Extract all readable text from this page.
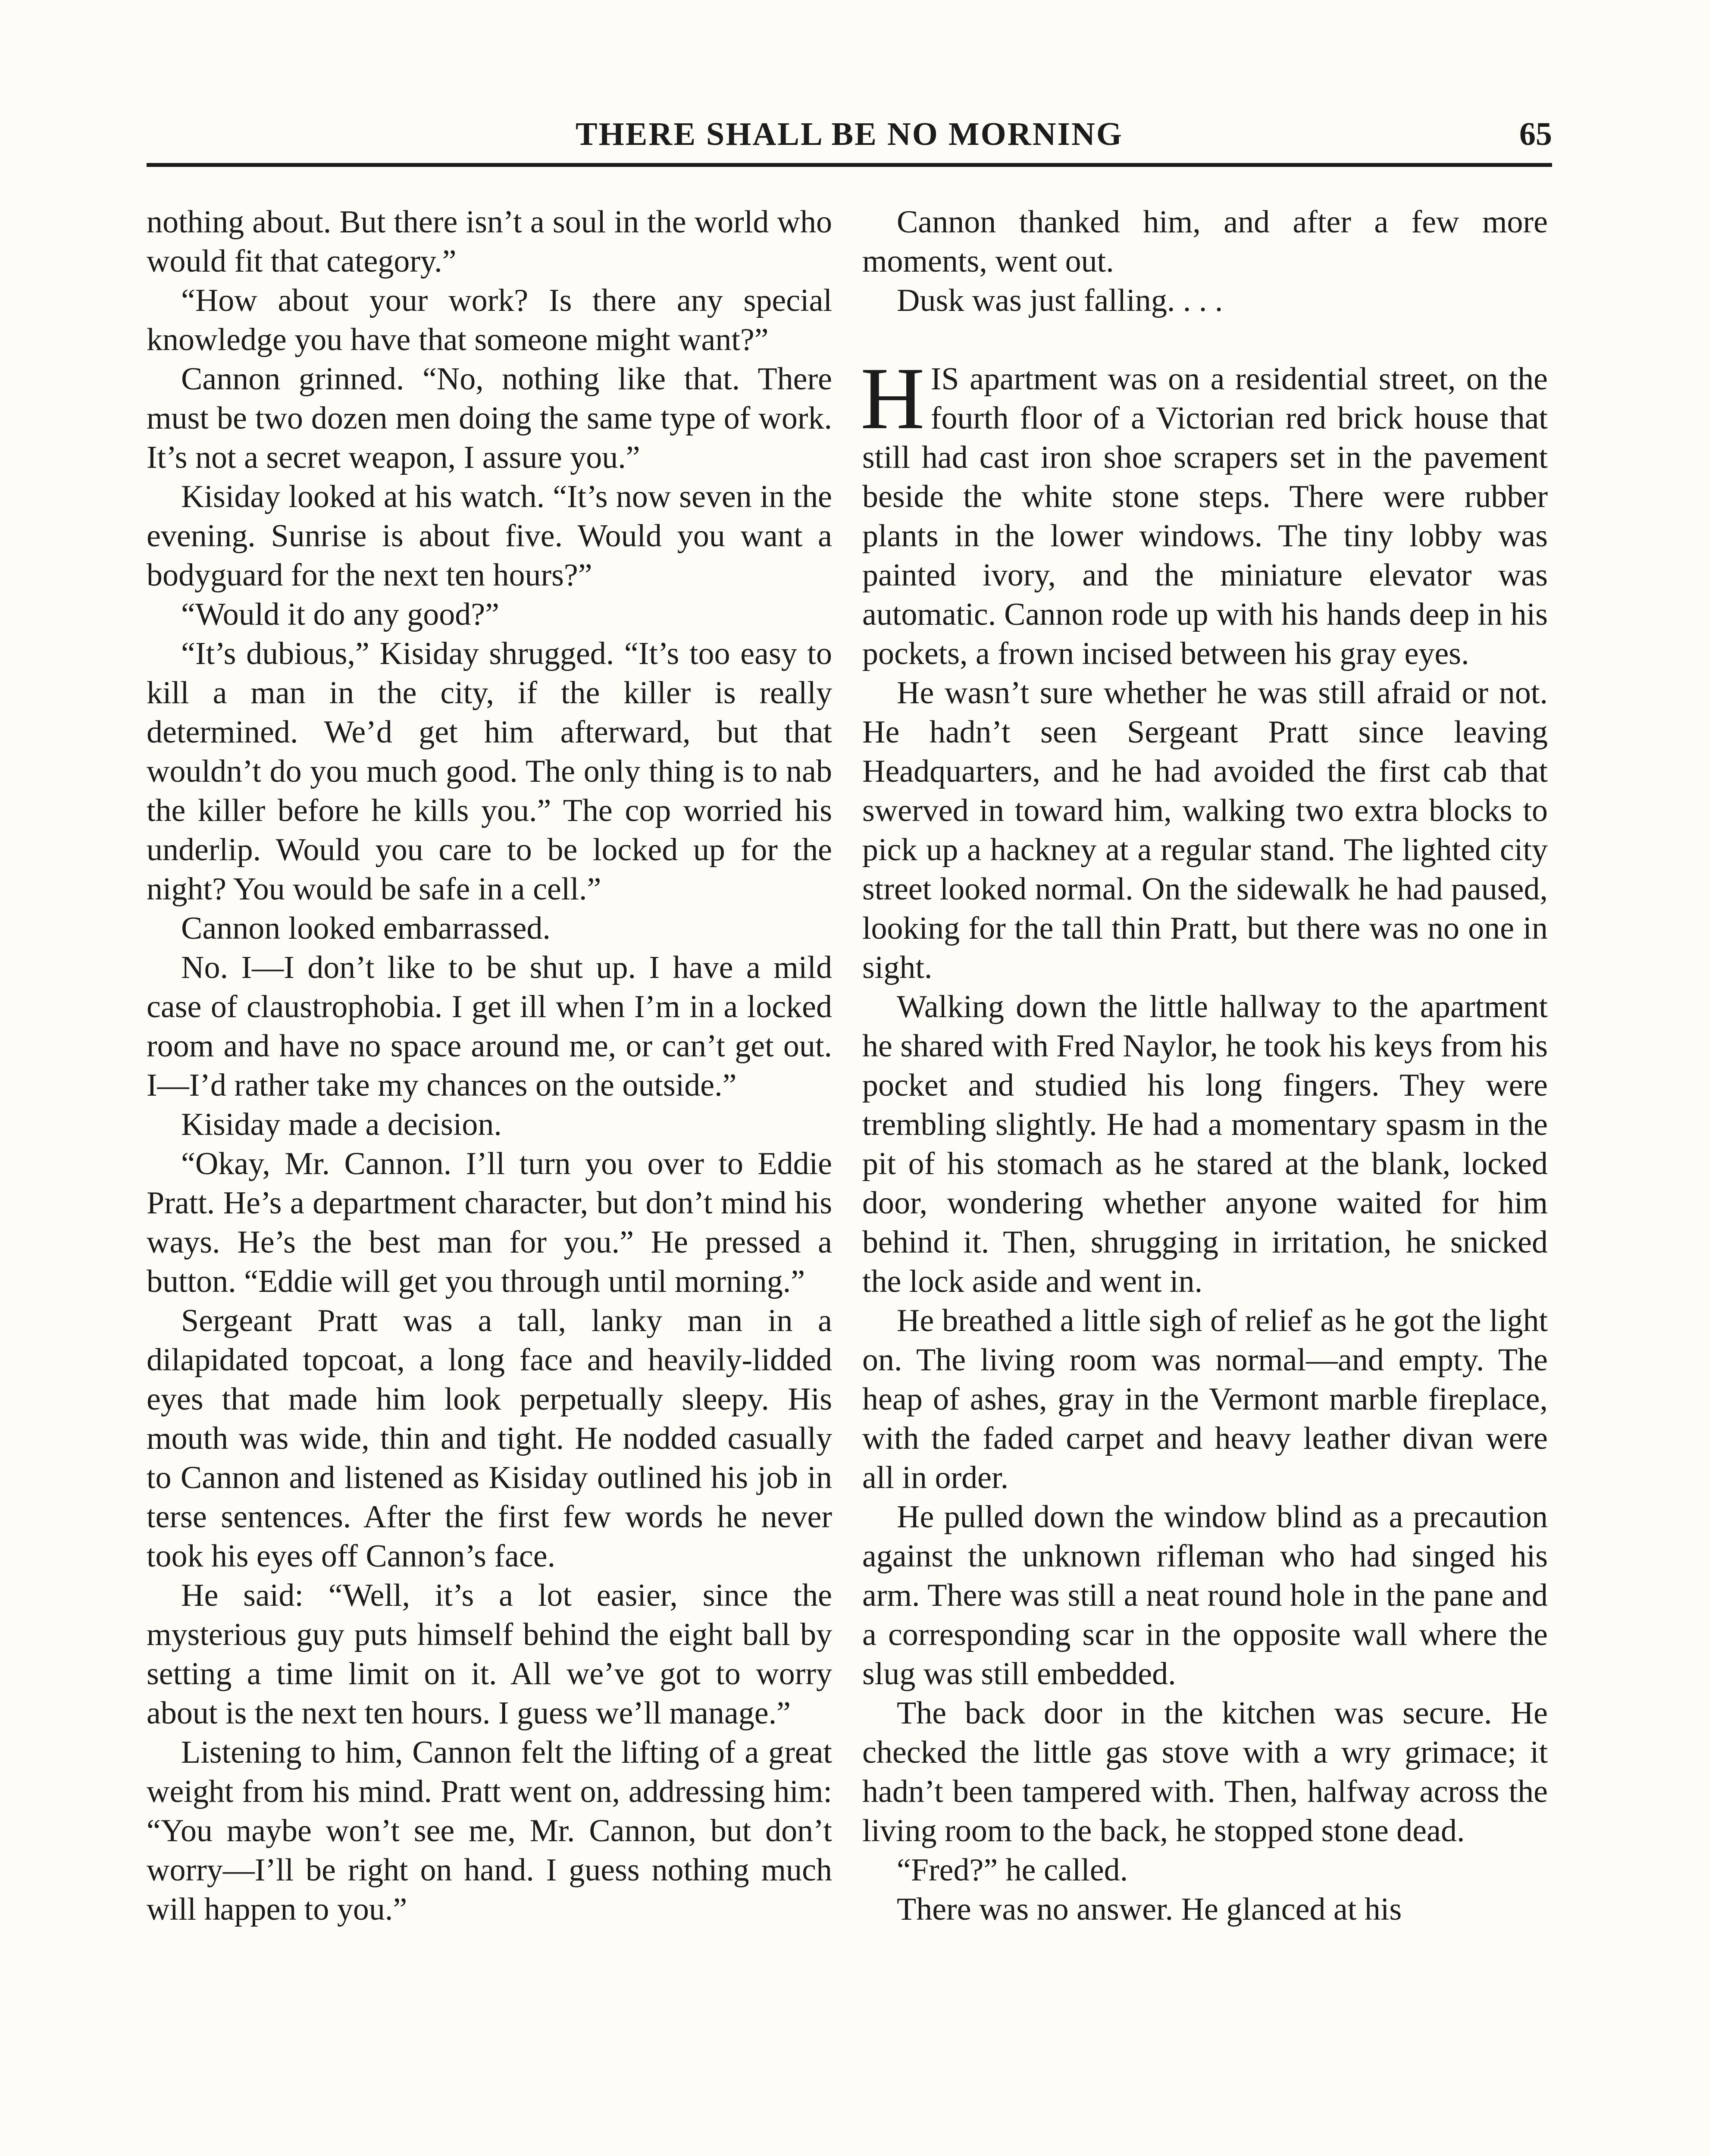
THERE SHALL BE NO MORNING	65

nothing about. But there isn’t a soul in the world who would fit that category.”

“How about your work? Is there any special knowledge you have that someone might want?”

Cannon grinned. “No, nothing like that. There must be two dozen men doing the same type of work. It’s not a secret weapon, I assure you.”

Kisiday looked at his watch. “It’s now seven in the evening. Sunrise is about five. Would you want a bodyguard for the next ten hours?”

“Would it do any good?”

“It’s dubious,” Kisiday shrugged. “It’s too easy to kill a man in the city, if the killer is really determined. We’d get him afterward, but that wouldn’t do you much good. The only thing is to nab the killer before he kills you.” The cop worried his underlip. Would you care to be locked up for the night? You would be safe in a cell.”

Cannon looked embarrassed.

No. I—I don’t like to be shut up. I have a mild case of claustrophobia. I get ill when I’m in a locked room and have no space around me, or can’t get out. I—I’d rather take my chances on the outside.”

Kisiday made a decision.

“Okay, Mr. Cannon. I’ll turn you over to Eddie Pratt. He’s a department character, but don’t mind his ways. He’s the best man for you.” He pressed a button. “Eddie will get you through until morning.”

Sergeant Pratt was a tall, lanky man in a dilapidated topcoat, a long face and heavily-lidded eyes that made him look perpetually sleepy. His mouth was wide, thin and tight. He nodded casually to Cannon and listened as Kisiday outlined his job in terse sentences. After the first few words he never took his eyes off Cannon’s face.

He said: “Well, it’s a lot easier, since the mysterious guy puts himself behind the eight ball by setting a time limit on it. All we’ve got to worry about is the next ten hours. I guess we’ll manage.”

Listening to him, Cannon felt the lifting of a great weight from his mind. Pratt went on, addressing him: “You maybe won’t see me, Mr. Cannon, but don’t worry—I’ll be right on hand. I guess nothing much will happen to you.”

Cannon thanked him, and after a few more moments, went out.

Dusk was just falling. . . .

HIS apartment was on a residential street, on the fourth floor of a Victorian red brick house that still had cast iron shoe scrapers set in the pavement beside the white stone steps. There were rubber plants in the lower windows. The tiny lobby was painted ivory, and the miniature elevator was automatic. Cannon rode up with his hands deep in his pockets, a frown incised between his gray eyes.

He wasn’t sure whether he was still afraid or not. He hadn’t seen Sergeant Pratt since leaving Headquarters, and he had avoided the first cab that swerved in toward him, walking two extra blocks to pick up a hackney at a regular stand. The lighted city street looked normal. On the sidewalk he had paused, looking for the tall thin Pratt, but there was no one in sight.

Walking down the little hallway to the apartment he shared with Fred Naylor, he took his keys from his pocket and studied his long fingers. They were trembling slightly. He had a momentary spasm in the pit of his stomach as he stared at the blank, locked door, wondering whether anyone waited for him behind it. Then, shrugging in irritation, he snicked the lock aside and went in.

He breathed a little sigh of relief as he got the light on. The living room was normal—and empty. The heap of ashes, gray in the Vermont marble fireplace, with the faded carpet and heavy leather divan were all in order.

He pulled down the window blind as a precaution against the unknown rifleman who had singed his arm. There was still a neat round hole in the pane and a corresponding scar in the opposite wall where the slug was still embedded.

The back door in the kitchen was secure. He checked the little gas stove with a wry grimace; it hadn’t been tampered with. Then, halfway across the living room to the back, he stopped stone dead.

“Fred?” he called.

There was no answer. He glanced at his
